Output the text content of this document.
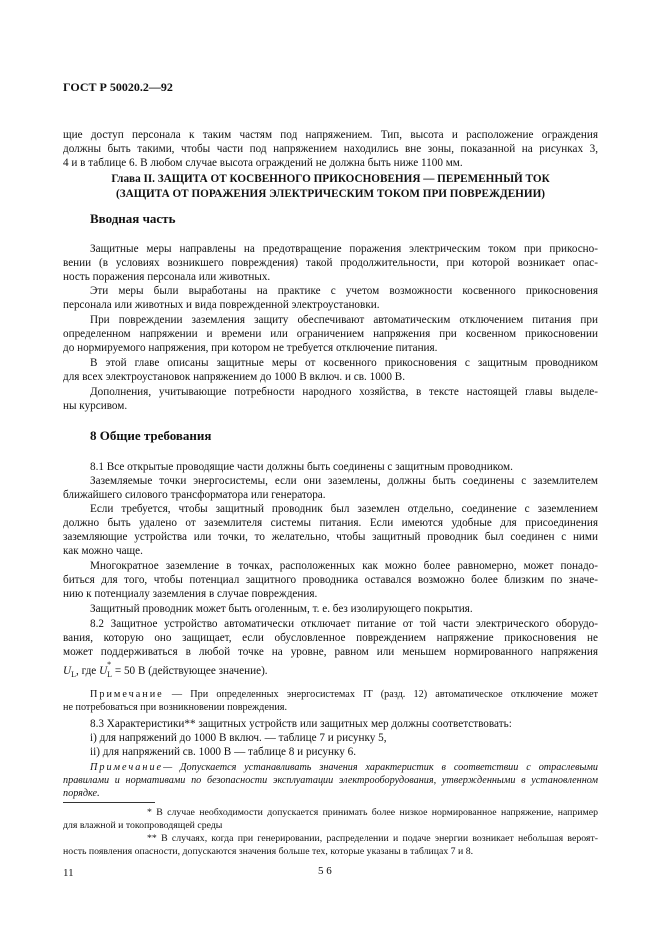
ГОСТ Р 50020.2—92
щие доступ персонала к таким частям под напряжением. Тип, высота и расположение ограждения
должны быть такими, чтобы части под напряжением находились вне зоны, показанной на рисунках 3,
4 и в таблице 6. В любом случае высота ограждений не должна быть ниже 1100 мм.
Глава II. ЗАЩИТА ОТ КОСВЕННОГО ПРИКОСНОВЕНИЯ — ПЕРЕМЕННЫЙ ТОК
(ЗАЩИТА ОТ ПОРАЖЕНИЯ ЭЛЕКТРИЧЕСКИМ ТОКОМ ПРИ ПОВРЕЖДЕНИИ)
Вводная часть
Защитные меры направлены на предотвращение поражения электрическим током при прикосно-
вении (в условиях возникшего повреждения) такой продолжительности, при которой возникает опас-
ность поражения персонала или животных.
Эти меры были выработаны на практике с учетом возможности косвенного прикосновения
персонала или животных и вида поврежденной электроустановки.
При повреждении заземления защиту обеспечивают автоматическим отключением питания при
определенном напряжении и времени или ограничением напряжения при косвенном прикосновении
до нормируемого напряжения, при котором не требуется отключение питания.
В этой главе описаны защитные меры от косвенного прикосновения с защитным проводником
для всех электроустановок напряжением до 1000 В включ. и св. 1000 В.
Дополнения, учитывающие потребности народного хозяйства, в тексте настоящей главы выделе-
ны курсивом.
8 Общие требования
8.1 Все открытые проводящие части должны быть соединены с защитным проводником.
Заземляемые точки энергосистемы, если они заземлены, должны быть соединены с заземлителем
ближайшего силового трансформатора или генератора.
Если требуется, чтобы защитный проводник был заземлен отдельно, соединение с заземлением
должно быть удалено от заземлителя системы питания. Если имеются удобные для присоединения
заземляющие устройства или точки, то желательно, чтобы защитный проводник был соединен с ними
как можно чаще.
Многократное заземление в точках, расположенных как можно более равномерно, может понадо-
биться для того, чтобы потенциал защитного проводника оставался возможно более близким по значе-
нию к потенциалу заземления в случае повреждения.
Защитный проводник может быть оголенным, т. е. без изолирующего покрытия.
8.2 Защитное устройство автоматически отключает питание от той части электрического оборудо-
вания, которую оно защищает, если обусловленное повреждением напряжение прикосновения не
может поддерживаться в любой точке на уровне, равном или меньшем нормированного напряжения
$U_L$, где U
*
$_L$ = 50 В (действующее значение).
Примечание — При определенных энергосистемах IT (разд. 12) автоматическое отключение может
не потребоваться при возникновении повреждения.
8.3 Характеристики** защитных устройств или защитных мер должны соответствовать:
i) для напряжений до 1000 В включ. — таблице 7 и рисунку 5,
ii) для напряжений св. 1000 В — таблице 8 и рисунку 6.
Примечание— Допускается устанавливать значения характеристик в соответствии с отраслевыми
правилами и нормативами по безопасности эксплуатации электрооборудования, утвержденными в установленном
порядке.
* В случае необходимости допускается принимать более низкое нормированное напряжение, например
для влажной и токопроводящей среды
** В случаях, когда при генерировании, распределении и подаче энергии возникает небольшая вероят-
ность появления опасности, допускаются значения больше тех, которые указаны в таблицах 7 и 8.
11	5 6
